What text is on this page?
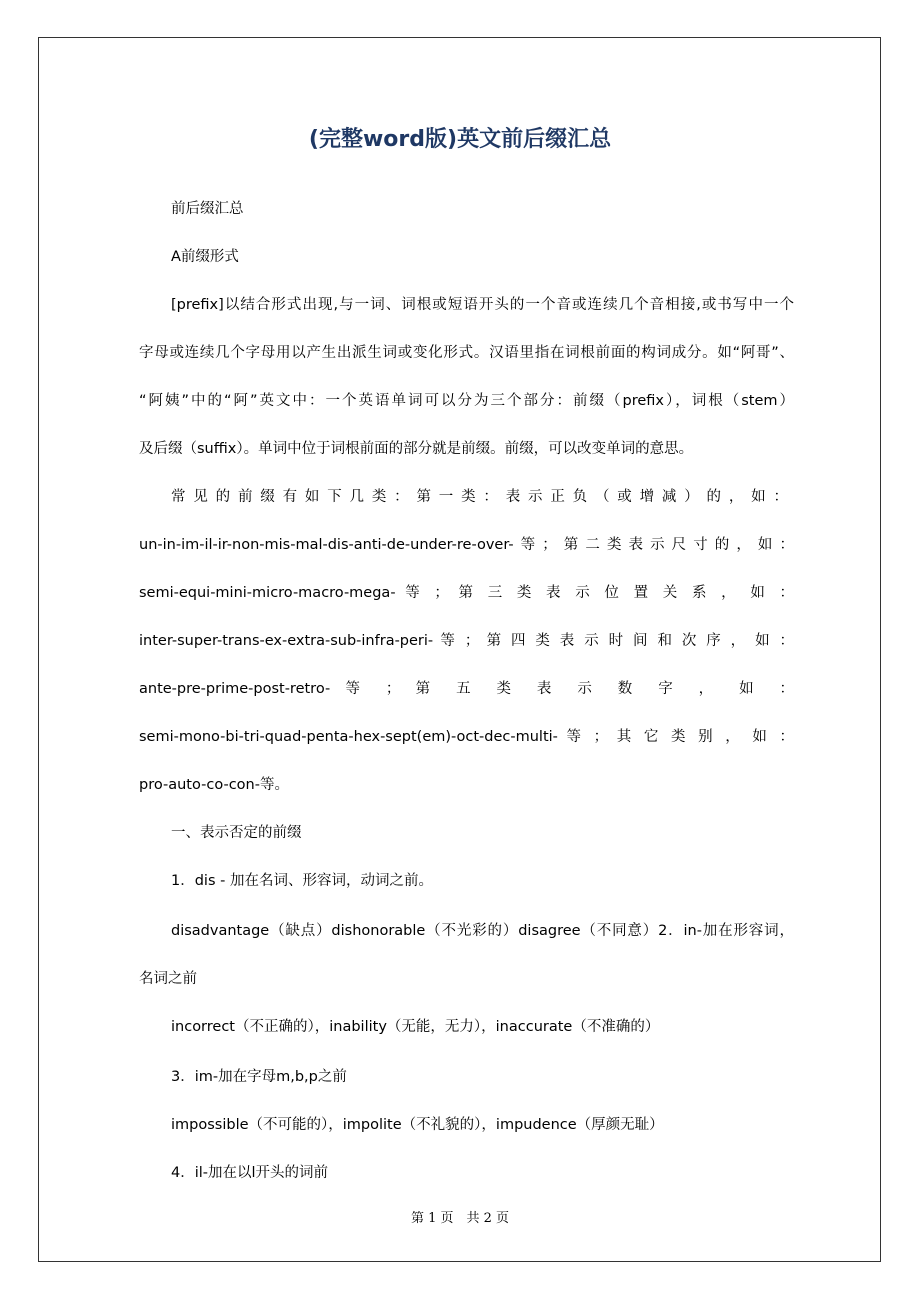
(完整word版)英文前后缀汇总
前后缀汇总
A前缀形式
[prefix]以结合形式出现,与一词、词根或短语开头的一个音或连续几个音相接,或书写中一个
字母或连续几个字母用以产生出派生词或变化形式。汉语里指在词根前面的构词成分。如“阿哥”、
“阿姨”中的“阿”英文中：一个英语单词可以分为三个部分：前缀（prefix），词根（stem）
及后缀（suffix）。单词中位于词根前面的部分就是前缀。前缀，可以改变单词的意思。
常见的前缀有如下几类：第一类：表示正负（或增减）的，如：
un-in-im-il-ir-non-mis-mal-dis-anti-de-under-re-over-等；第二类表示尺寸的，如：
semi-equi-mini-micro-macro-mega- 等 ； 第 三 类 表 示 位 置 关 系 ， 如 ：
inter-super-trans-ex-extra-sub-infra-peri- 等 ； 第 四 类 表 示 时 间 和 次 序 ， 如 ：
ante-pre-prime-post-retro- 等 ； 第 五 类 表 示 数 字 ， 如 ：
semi-mono-bi-tri-quad-penta-hex-sept(em)-oct-dec-multi- 等 ； 其 它 类 别 ， 如 ：
pro-auto-co-con-等。
一、表示否定的前缀
1．dis - 加在名词、形容词，动词之前。
disadvantage（缺点）dishonorable（不光彩的）disagree（不同意）2．in-加在形容词，
名词之前
incorrect（不正确的），inability（无能，无力），inaccurate（不准确的）
3．im-加在字母m,b,p之前
impossible（不可能的），impolite（不礼貌的），impudence（厚颜无耻）
4．il-加在以l开头的词前
第 1 页　共 2 页
